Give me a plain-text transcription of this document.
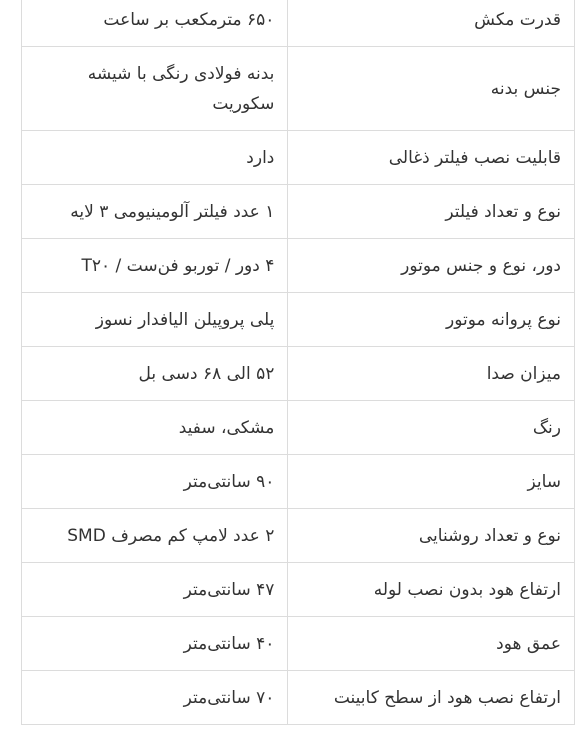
قدرت مکش	۶۵۰ مترمکعب بر ساعت
جنس بدنه	بدنه فولادی رنگی با شیشه سکوریت
قابلیت نصب فیلتر ذغالی	دارد
نوع و تعداد فیلتر	۱ عدد فیلتر آلومینیومی ۳ لایه
دور، نوع و جنس موتور	۴ دور / توربو فن‌ست / T۲۰
نوع پروانه موتور	پلی پروپیلن الیافدار نسوز
میزان صدا	۵۲ الی ۶۸ دسی بل
رنگ	مشکی، سفید
سایز	۹۰ سانتی‌متر
نوع و تعداد روشنایی	۲ عدد لامپ کم مصرف SMD
ارتفاع هود بدون نصب لوله	۴۷ سانتی‌متر
عمق هود	۴۰ سانتی‌متر
ارتفاع نصب هود از سطح کابینت	۷۰ سانتی‌متر
